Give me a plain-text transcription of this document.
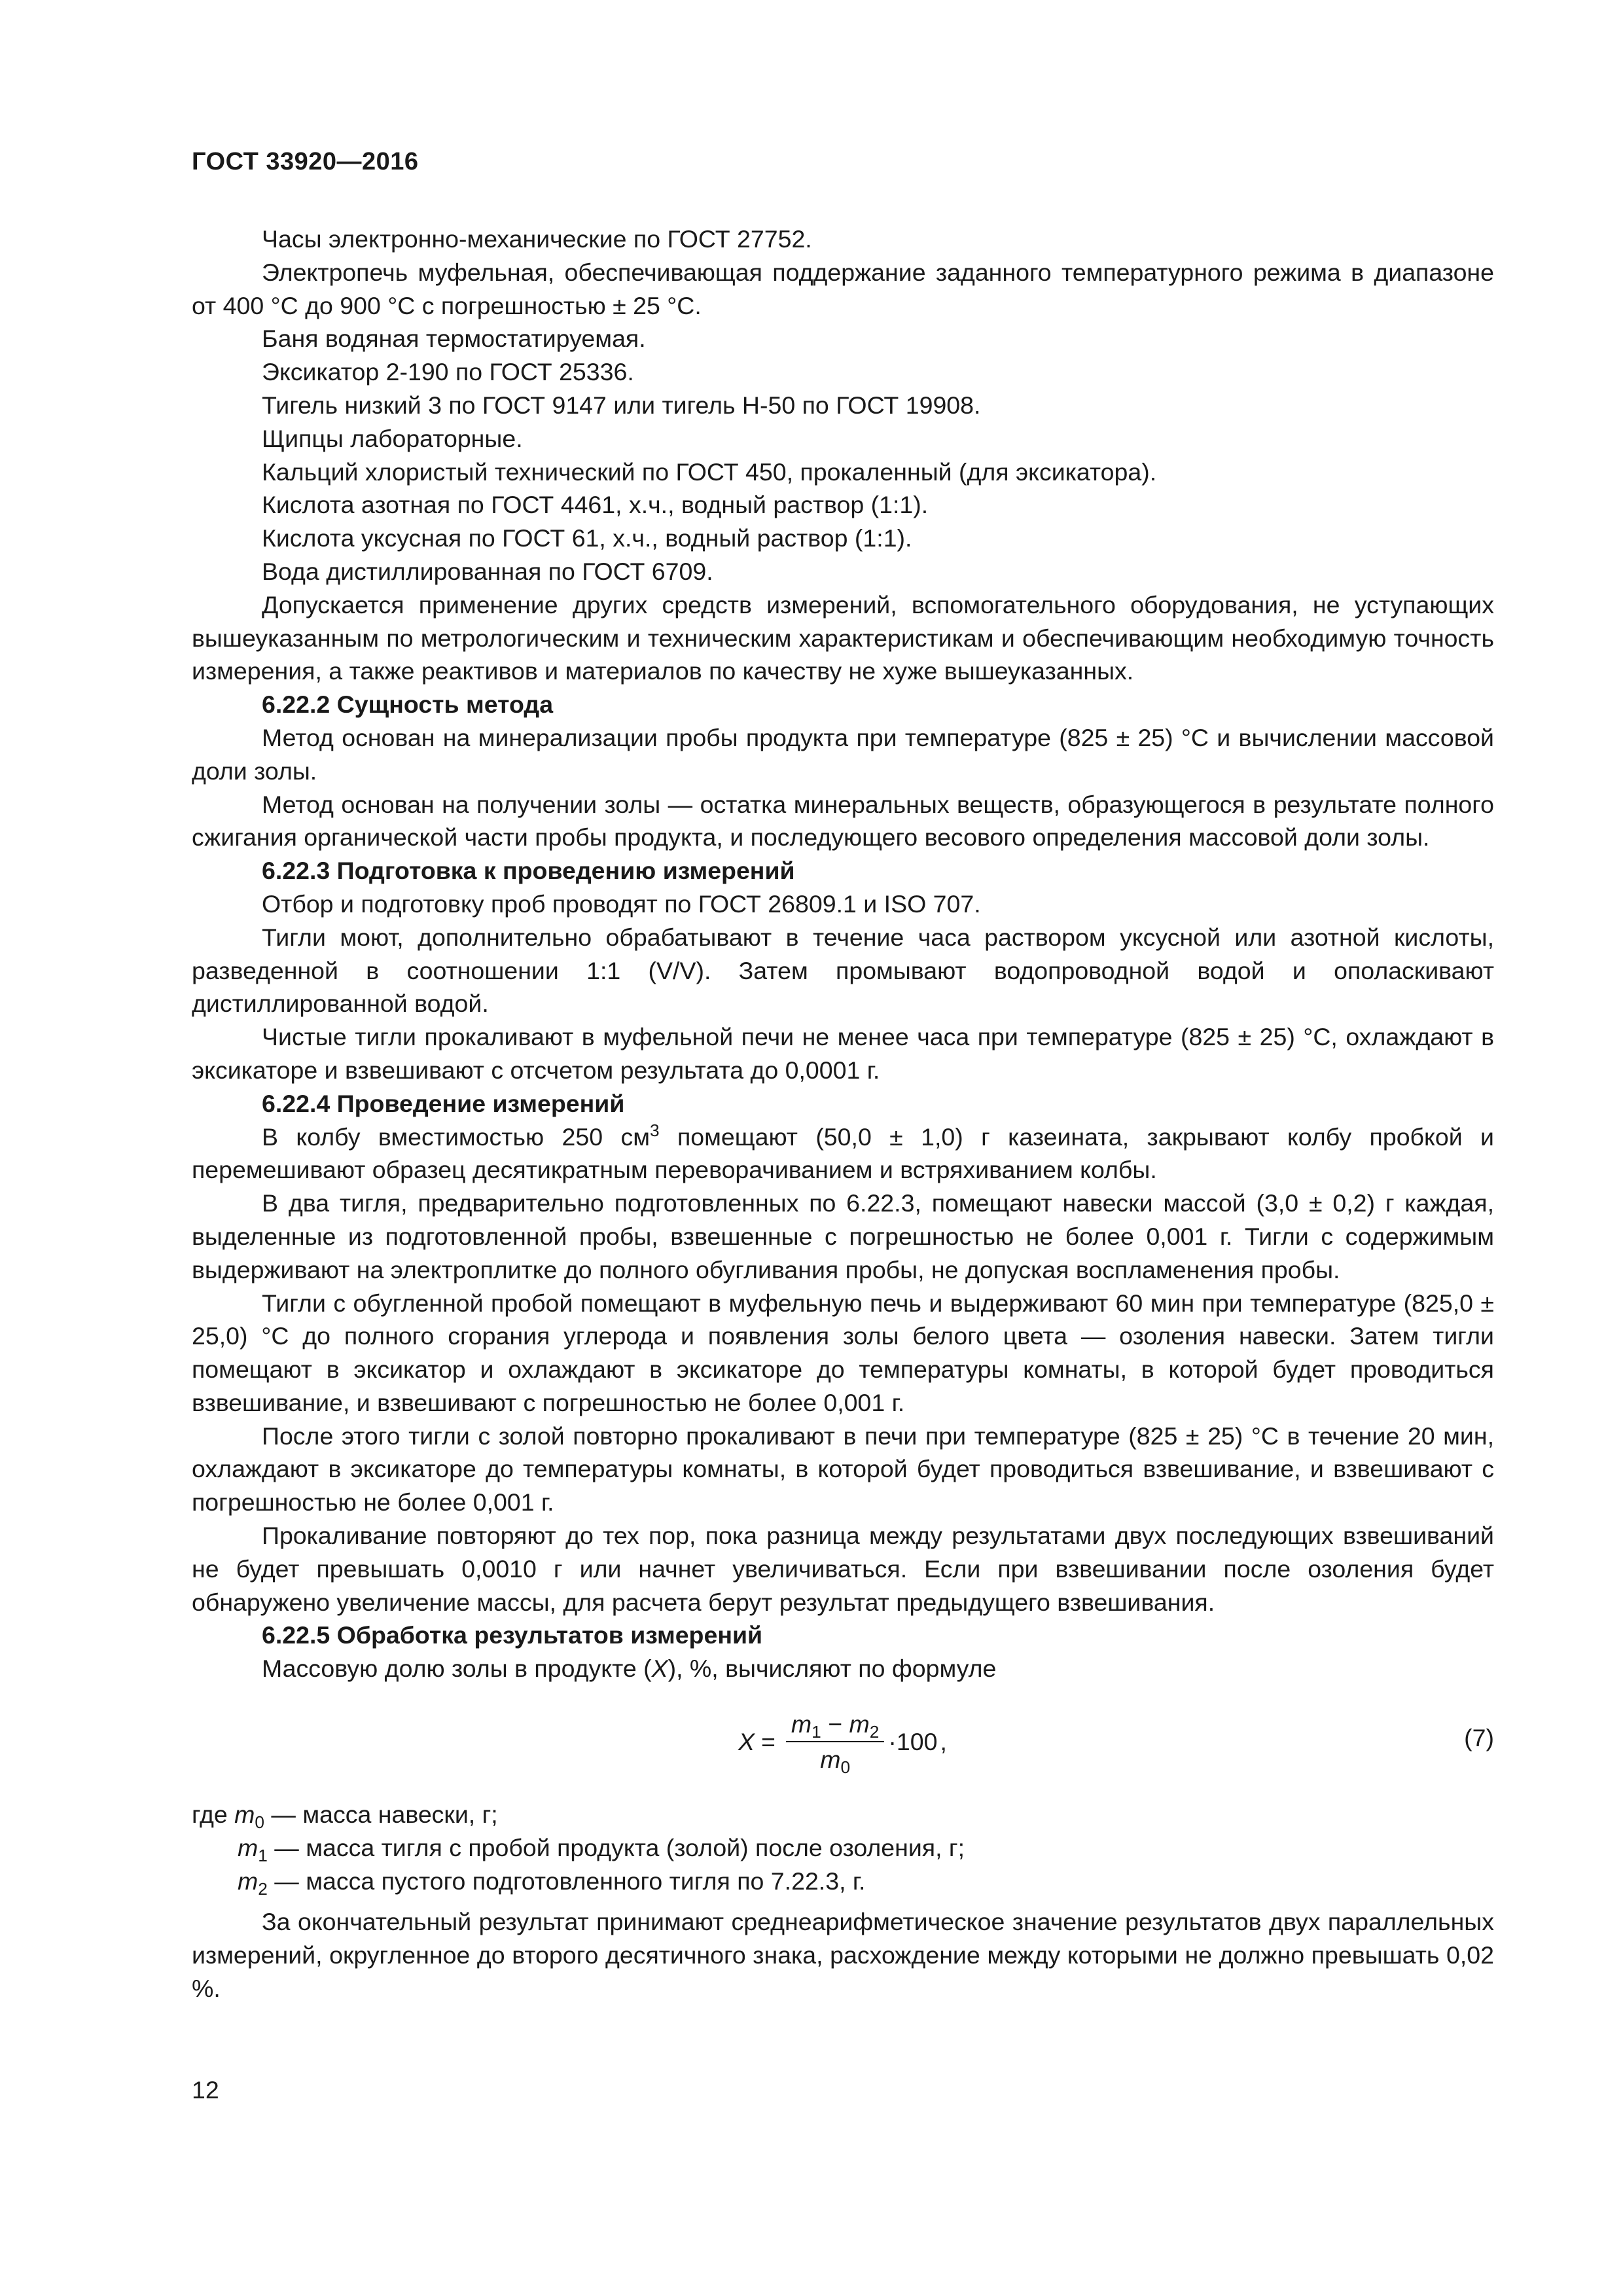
ГОСТ 33920—2016

Часы электронно-механические по ГОСТ 27752.

Электропечь муфельная, обеспечивающая поддержание заданного температурного режима в диапазоне от 400 °С до 900 °С с погрешностью ± 25 °С.

Баня водяная термостатируемая.

Эксикатор 2-190 по ГОСТ 25336.

Тигель низкий 3 по ГОСТ 9147 или тигель Н-50 по ГОСТ 19908.

Щипцы лабораторные.

Кальций хлористый технический по ГОСТ 450, прокаленный (для эксикатора).

Кислота азотная по ГОСТ 4461, х.ч., водный раствор (1:1).

Кислота уксусная по ГОСТ 61, х.ч., водный раствор (1:1).

Вода дистиллированная по ГОСТ 6709.

Допускается применение других средств измерений, вспомогательного оборудования, не уступающих вышеуказанным по метрологическим и техническим характеристикам и обеспечивающим необходимую точность измерения, а также реактивов и материалов по качеству не хуже вышеуказанных.

6.22.2 Сущность метода

Метод основан на минерализации пробы продукта при температуре (825 ± 25) °С и вычислении массовой доли золы.

Метод основан на получении золы — остатка минеральных веществ, образующегося в результате полного сжигания органической части пробы продукта, и последующего весового определения массовой доли золы.

6.22.3 Подготовка к проведению измерений

Отбор и подготовку проб проводят по ГОСТ 26809.1 и ISO 707.

Тигли моют, дополнительно обрабатывают в течение часа раствором уксусной или азотной кислоты, разведенной в соотношении 1:1 (V/V). Затем промывают водопроводной водой и ополаскивают дистиллированной водой.

Чистые тигли прокаливают в муфельной печи не менее часа при температуре (825 ± 25) °С, охлаждают в эксикаторе и взвешивают с отсчетом результата до 0,0001 г.

6.22.4 Проведение измерений

В колбу вместимостью 250 $см^3$ помещают (50,0 ± 1,0) г казеината, закрывают колбу пробкой и перемешивают образец десятикратным переворачиванием и встряхиванием колбы.

В два тигля, предварительно подготовленных по 6.22.3, помещают навески массой (3,0 ± 0,2) г каждая, выделенные из подготовленной пробы, взвешенные с погрешностью не более 0,001 г. Тигли с содержимым выдерживают на электроплитке до полного обугливания пробы, не допуская воспламенения пробы.

Тигли с обугленной пробой помещают в муфельную печь и выдерживают 60 мин при температуре (825,0 ± 25,0) °С до полного сгорания углерода и появления золы белого цвета — озоления навески. Затем тигли помещают в эксикатор и охлаждают в эксикаторе до температуры комнаты, в которой будет проводиться взвешивание, и взвешивают с погрешностью не более 0,001 г.

После этого тигли с золой повторно прокаливают в печи при температуре (825 ± 25) °С в течение 20 мин, охлаждают в эксикаторе до температуры комнаты, в которой будет проводиться взвешивание, и взвешивают с погрешностью не более 0,001 г.

Прокаливание повторяют до тех пор, пока разница между результатами двух последующих взвешиваний не будет превышать 0,0010 г или начнет увеличиваться. Если при взвешивании после озоления будет обнаружено увеличение массы, для расчета берут результат предыдущего взвешивания.

6.22.5 Обработка результатов измерений

Массовую долю золы в продукте (X), %, вычисляют по формуле

$X = \frac{m_1 - m_2}{m_0} \cdot 100$ ,	(7)

где $m_0$ — масса навески, г;

$m_1$ — масса тигля с пробой продукта (золой) после озоления, г;

$m_2$ — масса пустого подготовленного тигля по 7.22.3, г.

За окончательный результат принимают среднеарифметическое значение результатов двух параллельных измерений, округленное до второго десятичного знака, расхождение между которыми не должно превышать 0,02 %.

12
